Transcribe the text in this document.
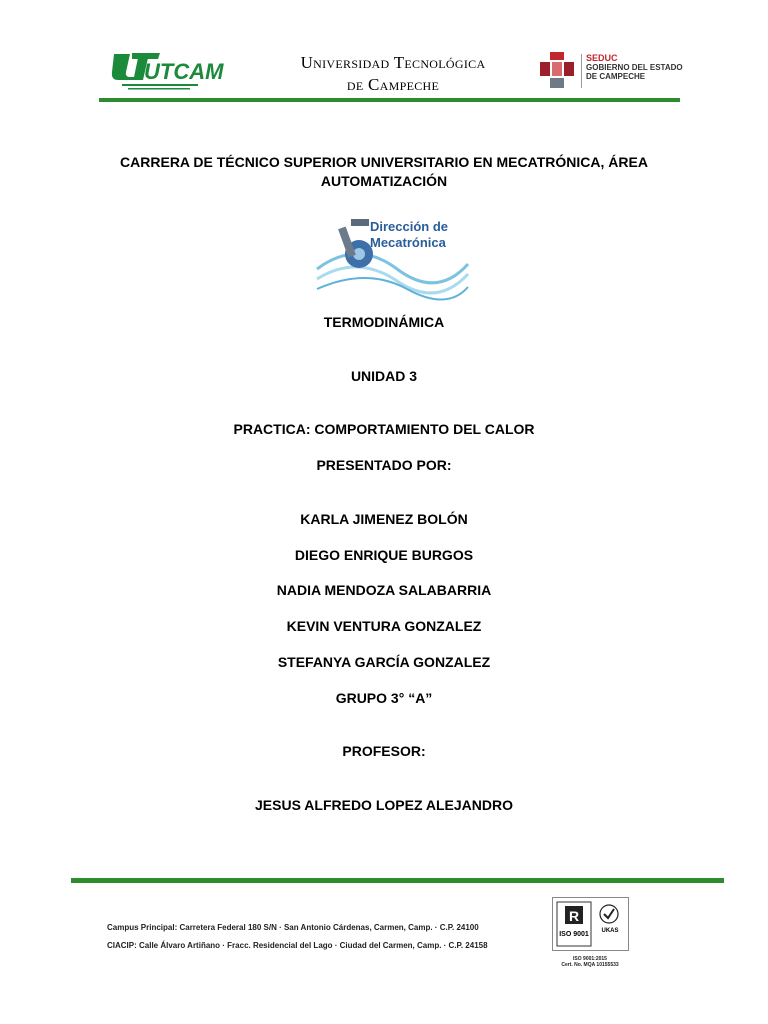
UTCAM	Universidad Tecnológica
de Campeche
SEDUC
GOBIERNO DEL ESTADO
DE CAMPECHE
CARRERA DE TÉCNICO SUPERIOR UNIVERSITARIO EN MECATRÓNICA, ÁREA
AUTOMATIZACIÓN
Dirección de
Mecatrónica
TERMODINÁMICA
UNIDAD 3
PRACTICA: COMPORTAMIENTO DEL CALOR
PRESENTADO POR:
KARLA JIMENEZ BOLÓN
DIEGO ENRIQUE BURGOS
NADIA MENDOZA SALABARRIA
KEVIN VENTURA GONZALEZ
STEFANYA GARCÍA GONZALEZ
GRUPO 3° “A”
PROFESOR:
JESUS ALFREDO LOPEZ ALEJANDRO
Campus Principal: Carretera Federal 180 S/N · San Antonio Cárdenas, Carmen, Camp. · C.P. 24100
CIACIP: Calle Álvaro Artiñano · Fracc. Residencial del Lago · Ciudad del Carmen, Camp. · C.P. 24158
R
ISO 9001	UKAS
ISO 9001:2015
Cert. No. MQA 10155533
